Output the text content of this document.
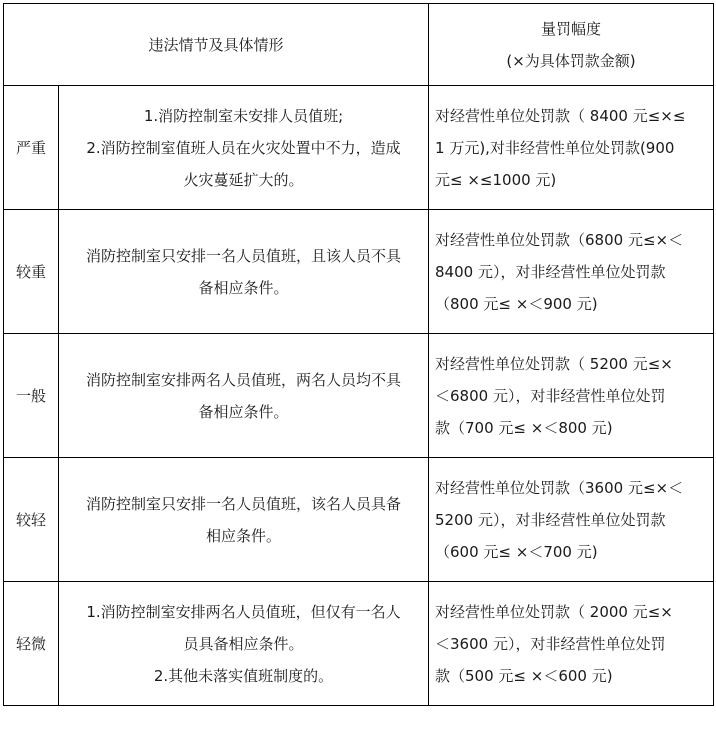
违法情节及具体情形		量罚幅度
(×为具体罚款金额)

严重	1.消防控制室未安排人员值班;
2.消防控制室值班人员在火灾处置中不力，造成
火灾蔓延扩大的。	对经营性单位处罚款（ 8400 元≤×≤
1 万元),对非经营性单位处罚款(900
元≤ ×≤1000 元)

较重	消防控制室只安排一名人员值班，且该人员不具
备相应条件。	对经营性单位处罚款（6800 元≤×＜
8400 元），对非经营性单位处罚款
（800 元≤ ×＜900 元)

一般	消防控制室安排两名人员值班，两名人员均不具
备相应条件。	对经营性单位处罚款（ 5200 元≤×
＜6800 元），对非经营性单位处罚
款（700 元≤ ×＜800 元)

较轻	消防控制室只安排一名人员值班，该名人员具备
相应条件。	对经营性单位处罚款（3600 元≤×＜
5200 元），对非经营性单位处罚款
（600 元≤ ×＜700 元)

轻微	1.消防控制室安排两名人员值班，但仅有一名人
员具备相应条件。
2.其他未落实值班制度的。	对经营性单位处罚款（ 2000 元≤×
＜3600 元），对非经营性单位处罚
款（500 元≤ ×＜600 元)
